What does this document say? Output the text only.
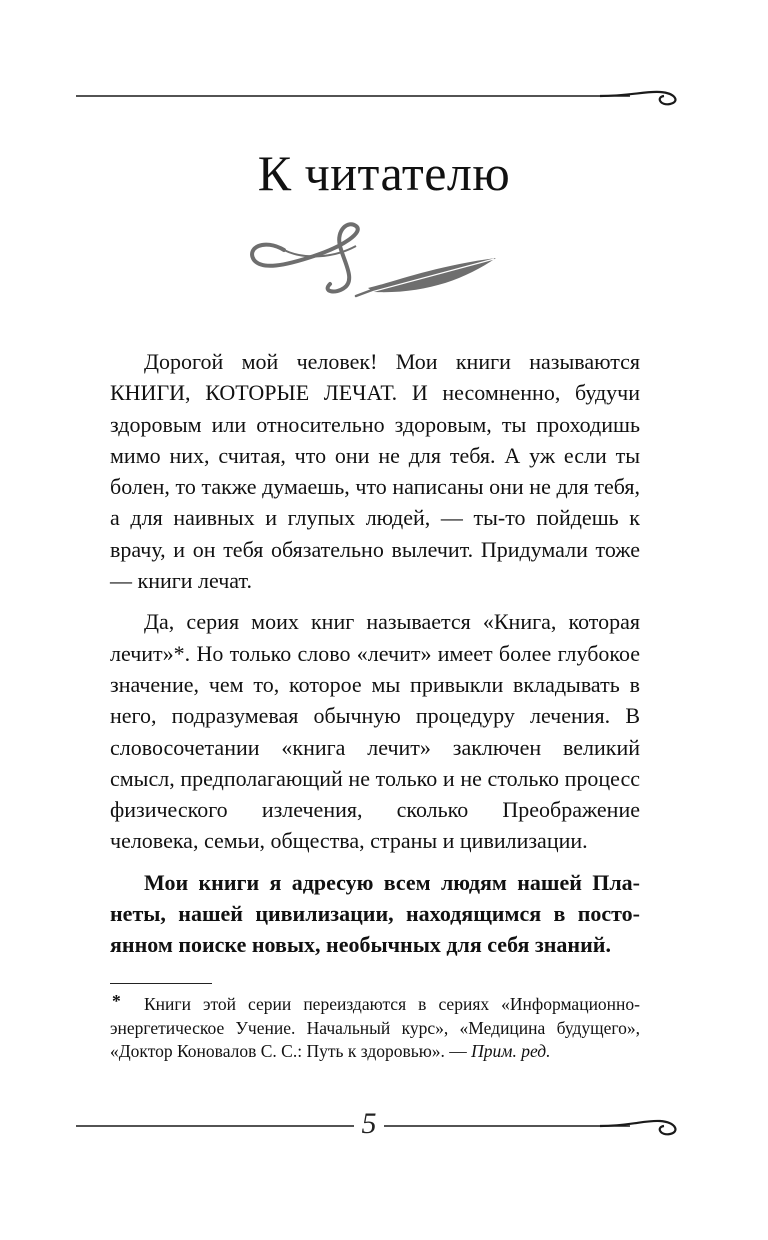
К читателю

Дорогой мой человек! Мои книги называются КНИГИ, КОТОРЫЕ ЛЕЧАТ. И несомненно, будучи здоровым или относительно здоровым, ты проходишь мимо них, считая, что они не для тебя. А уж если ты болен, то также думаешь, что написаны они не для тебя, а для наивных и глупых людей, — ты-то пойдешь к врачу, и он тебя обязательно вылечит. Придумали тоже — книги лечат.

Да, серия моих книг называется «Книга, которая лечит»*. Но только слово «лечит» имеет более глубокое значение, чем то, которое мы привыкли вкладывать в него, подразумевая обычную процедуру лечения. В словосочетании «книга лечит» заключен великий смысл, предполагающий не только и не столько процесс физического излечения, сколько Преображение человека, семьи, общества, страны и цивилизации.

Мои книги я адресую всем людям нашей Планеты, нашей цивилизации, находящимся в постоянном поиске новых, необычных для себя знаний.

* Книги этой серии переиздаются в сериях «Информационно-энергетическое Учение. Начальный курс», «Медицина будущего», «Доктор Коновалов С. С.: Путь к здоровью». — Прим. ред.

5
